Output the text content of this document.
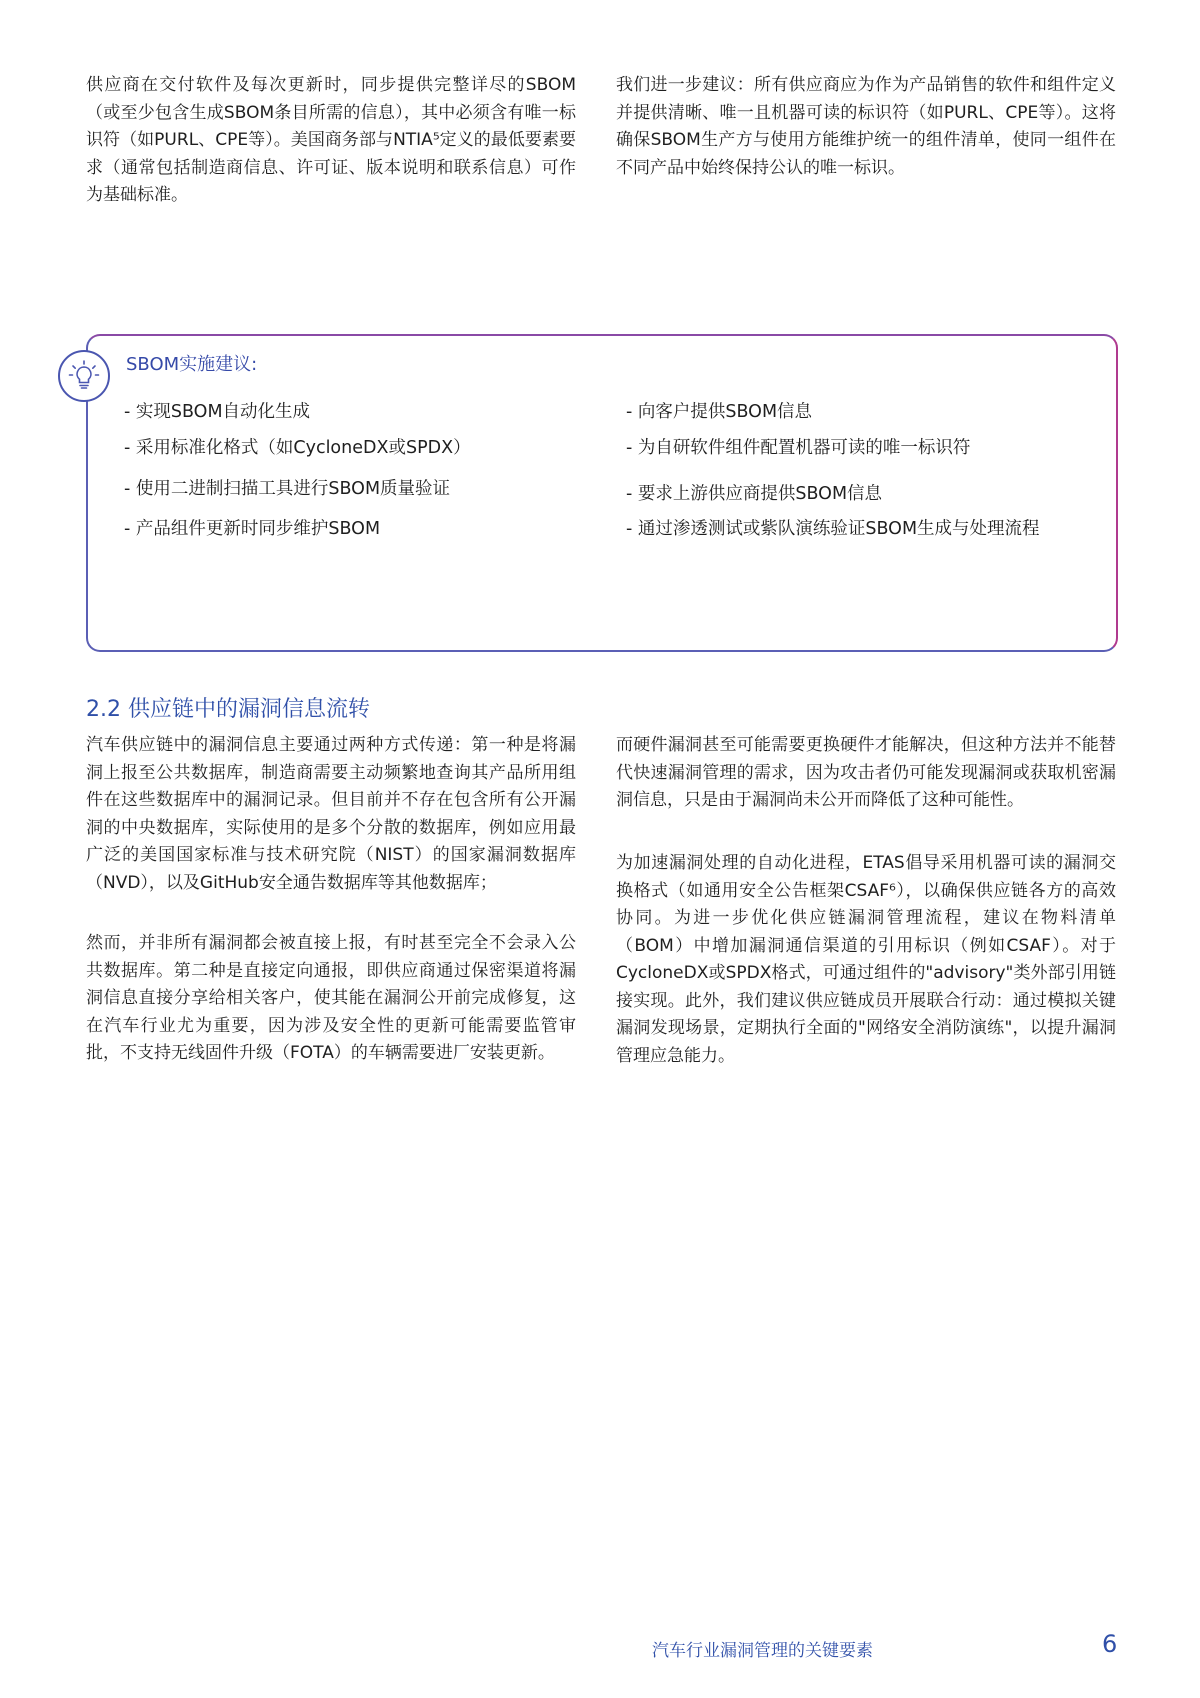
供应商在交付软件及每次更新时，同步提供完整详尽的SBOM（或至少包含生成SBOM条目所需的信息），其中必须含有唯一标识符（如PURL、CPE等）。美国商务部与NTIA⁵定义的最低要素要求（通常包括制造商信息、许可证、版本说明和联系信息）可作为基础标准。

我们进一步建议：所有供应商应为作为产品销售的软件和组件定义并提供清晰、唯一且机器可读的标识符（如PURL、CPE等）。这将确保SBOM生产方与使用方能维护统一的组件清单，使同一组件在不同产品中始终保持公认的唯一标识。

SBOM实施建议:
- 实现SBOM自动化生成
- 采用标准化格式（如CycloneDX或SPDX）
- 使用二进制扫描工具进行SBOM质量验证
- 产品组件更新时同步维护SBOM
- 向客户提供SBOM信息
- 为自研软件组件配置机器可读的唯一标识符
- 要求上游供应商提供SBOM信息
- 通过渗透测试或紫队演练验证SBOM生成与处理流程
2.2 供应链中的漏洞信息流转

汽车供应链中的漏洞信息主要通过两种方式传递：第一种是将漏洞上报至公共数据库，制造商需要主动频繁地查询其产品所用组件在这些数据库中的漏洞记录。但目前并不存在包含所有公开漏洞的中央数据库，实际使用的是多个分散的数据库，例如应用最广泛的美国国家标准与技术研究院（NIST）的国家漏洞数据库（NVD），以及GitHub安全通告数据库等其他数据库；

然而，并非所有漏洞都会被直接上报，有时甚至完全不会录入公共数据库。第二种是直接定向通报，即供应商通过保密渠道将漏洞信息直接分享给相关客户，使其能在漏洞公开前完成修复，这在汽车行业尤为重要，因为涉及安全性的更新可能需要监管审批，不支持无线固件升级（FOTA）的车辆需要进厂安装更新。

而硬件漏洞甚至可能需要更换硬件才能解决，但这种方法并不能替代快速漏洞管理的需求，因为攻击者仍可能发现漏洞或获取机密漏洞信息，只是由于漏洞尚未公开而降低了这种可能性。

为加速漏洞处理的自动化进程，ETAS倡导采用机器可读的漏洞交换格式（如通用安全公告框架CSAF⁶），以确保供应链各方的高效协同。为进一步优化供应链漏洞管理流程，建议在物料清单（BOM）中增加漏洞通信渠道的引用标识（例如CSAF）。对于CycloneDX或SPDX格式，可通过组件的"advisory"类外部引用链接实现。此外，我们建议供应链成员开展联合行动：通过模拟关键漏洞发现场景，定期执行全面的"网络安全消防演练"，以提升漏洞管理应急能力。

汽车行业漏洞管理的关键要素	6
